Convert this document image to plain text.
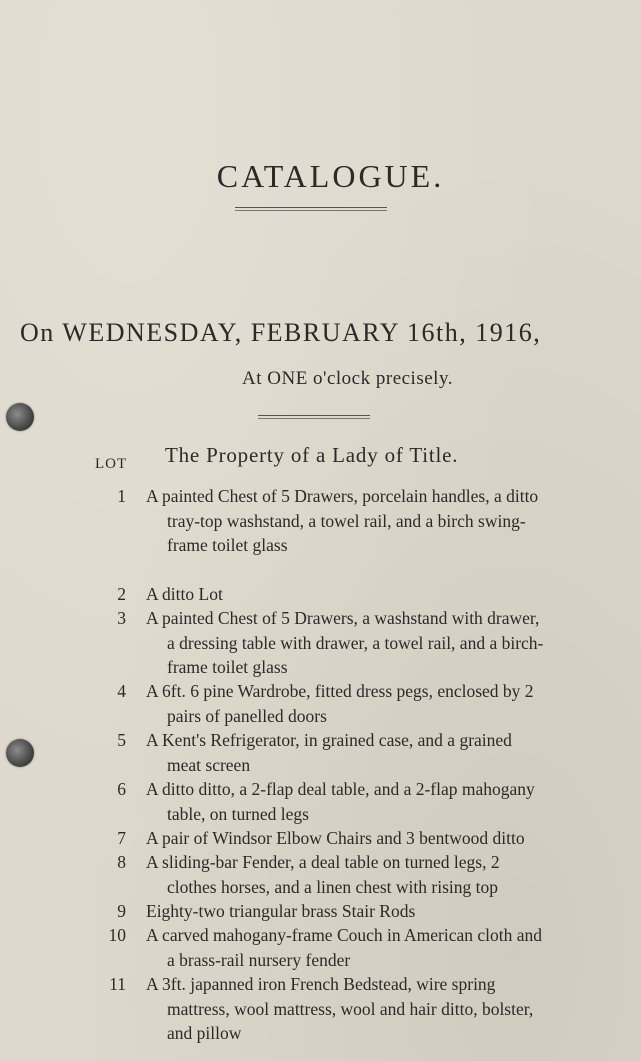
CATALOGUE.
On WEDNESDAY, FEBRUARY 16th, 1916,
At ONE o'clock precisely.
The Property of a Lady of Title.
LOT
1 A painted Chest of 5 Drawers, porcelain handles, a ditto tray-top washstand, a towel rail, and a birch swing-frame toilet glass
2 A ditto Lot
3 A painted Chest of 5 Drawers, a washstand with drawer, a dressing table with drawer, a towel rail, and a birch-frame toilet glass
4 A 6ft. 6 pine Wardrobe, fitted dress pegs, enclosed by 2 pairs of panelled doors
5 A Kent's Refrigerator, in grained case, and a grained meat screen
6 A ditto ditto, a 2-flap deal table, and a 2-flap mahogany table, on turned legs
7 A pair of Windsor Elbow Chairs and 3 bentwood ditto
8 A sliding-bar Fender, a deal table on turned legs, 2 clothes horses, and a linen chest with rising top
9 Eighty-two triangular brass Stair Rods
10 A carved mahogany-frame Couch in American cloth and a brass-rail nursery fender
11 A 3ft. japanned iron French Bedstead, wire spring mattress, wool mattress, wool and hair ditto, bolster, and pillow
